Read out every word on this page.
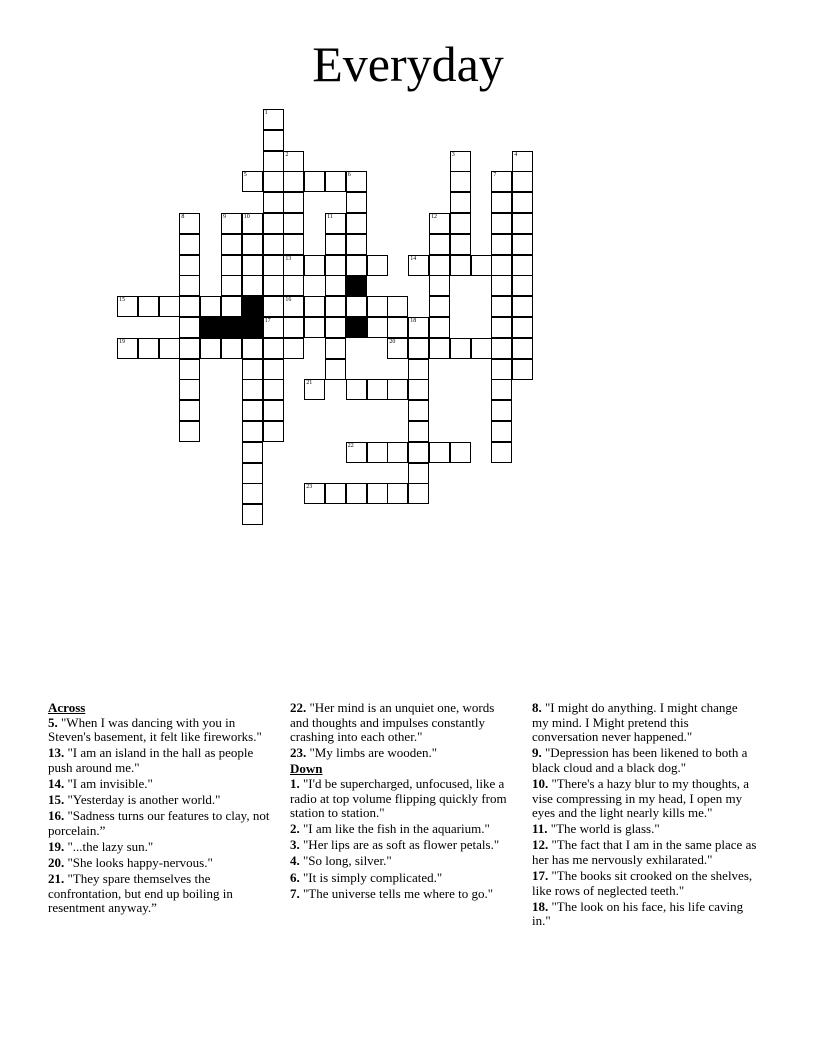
Everyday
1
17
2
13
16
3	4
5	6	7
8	9	10	11	12
14
15
18
19	20
21
22
23
Across
5. "When I was dancing with you in Steven's basement, it felt like fireworks."
13. "I am an island in the hall as people push around me."
14. "I am invisible."
15. "Yesterday is another world."
16. "Sadness turns our features to clay, not porcelain.”
19. "...the lazy sun."
20. "She looks happy-nervous."
21. "They spare themselves the confrontation, but end up boiling in resentment anyway.”
22. "Her mind is an unquiet one, words and thoughts and impulses constantly crashing into each other."
23. "My limbs are wooden."
Down
1. "I'd be supercharged, unfocused, like a radio at top volume flipping quickly from station to station."
2. "I am like the fish in the aquarium."
3. "Her lips are as soft as flower petals."
4. "So long, silver."
6. "It is simply complicated."
7. "The universe tells me where to go."
8. "I might do anything. I might change my mind. I Might pretend this conversation never happened."
9. "Depression has been likened to both a black cloud and a black dog."
10. "There's a hazy blur to my thoughts, a vise compressing in my head, I open my eyes and the light nearly kills me."
11. "The world is glass."
12. "The fact that I am in the same place as her has me nervously exhilarated."
17. "The books sit crooked on the shelves, like rows of neglected teeth."
18. "The look on his face, his life caving in."
